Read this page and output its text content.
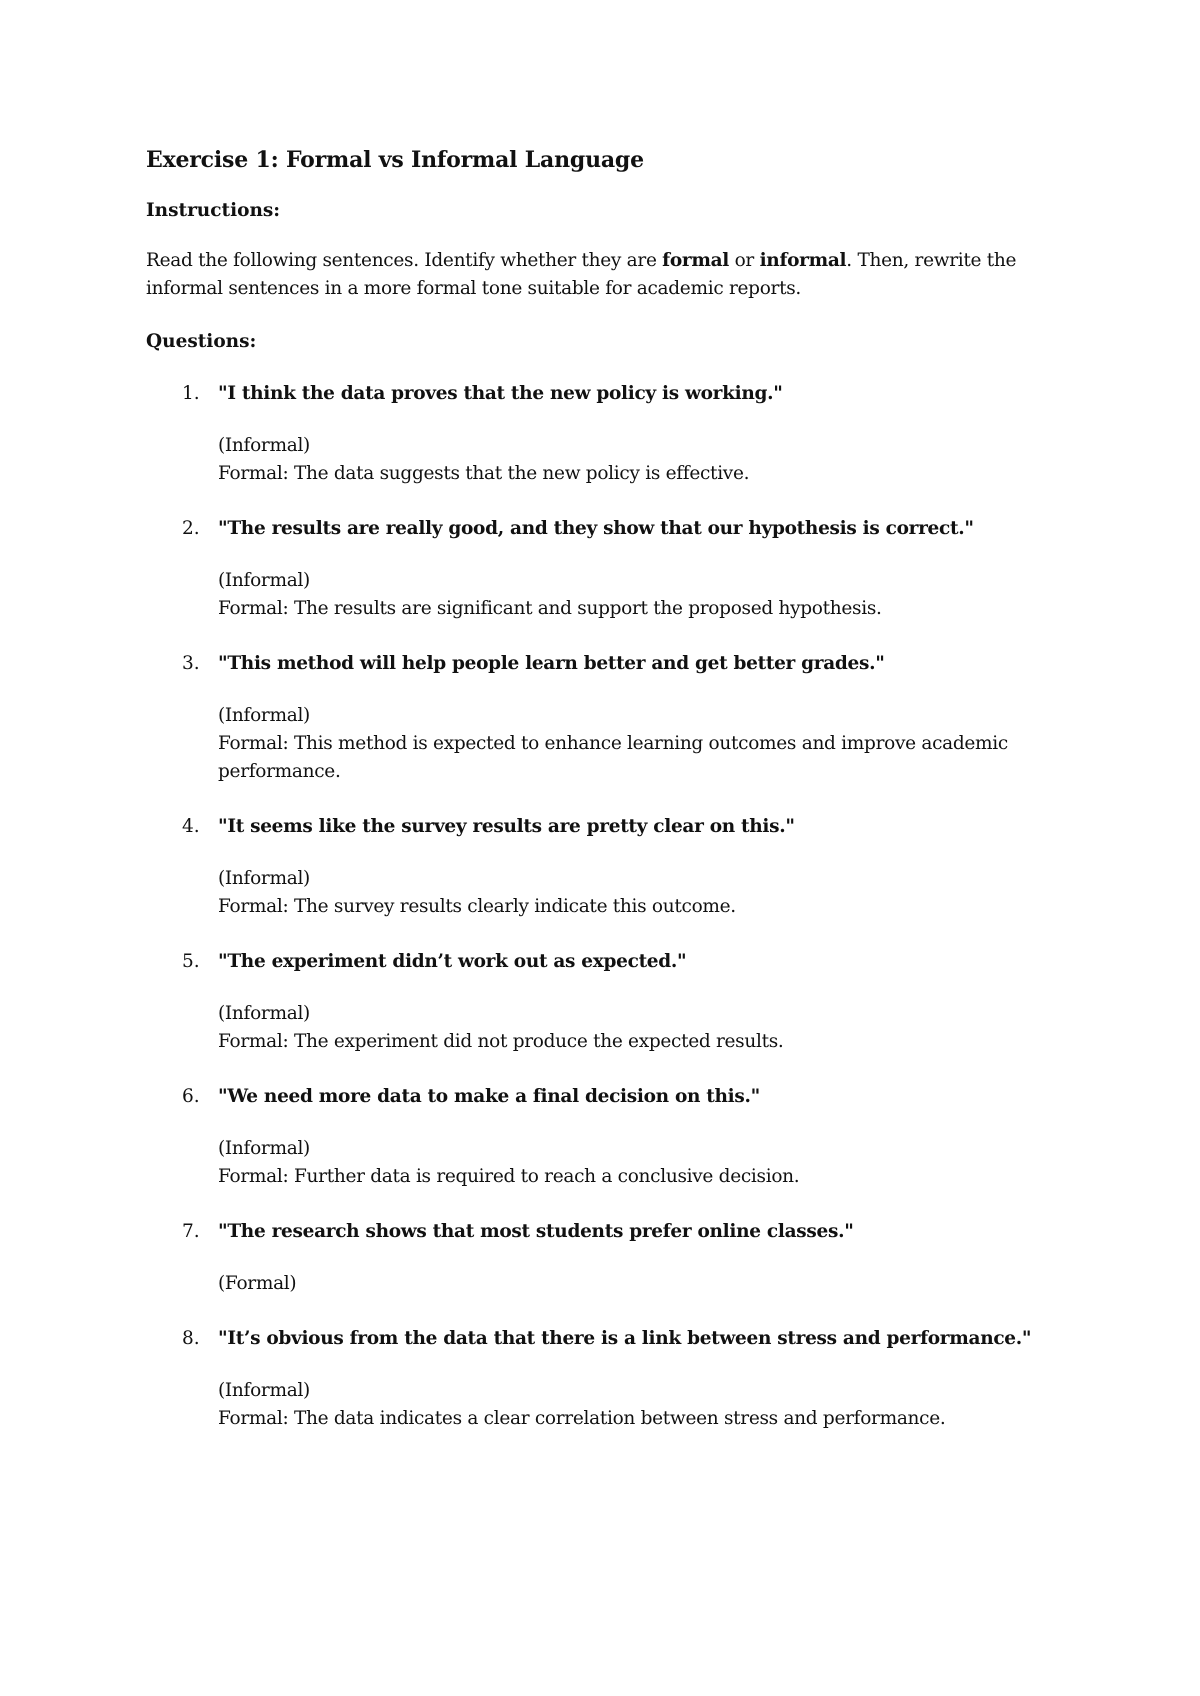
Exercise 1: Formal vs Informal Language

Instructions:

Read the following sentences. Identify whether they are formal or informal. Then, rewrite the informal sentences in a more formal tone suitable for academic reports.

Questions:

1. "I think the data proves that the new policy is working."

(Informal)

Formal: The data suggests that the new policy is effective.

2. "The results are really good, and they show that our hypothesis is correct."

(Informal)

Formal: The results are significant and support the proposed hypothesis.

3. "This method will help people learn better and get better grades."

(Informal)

Formal: This method is expected to enhance learning outcomes and improve academic performance.

4. "It seems like the survey results are pretty clear on this."

(Informal)

Formal: The survey results clearly indicate this outcome.

5. "The experiment didn’t work out as expected."

(Informal)

Formal: The experiment did not produce the expected results.

6. "We need more data to make a final decision on this."

(Informal)

Formal: Further data is required to reach a conclusive decision.

7. "The research shows that most students prefer online classes."

(Formal)

8. "It’s obvious from the data that there is a link between stress and performance."

(Informal)

Formal: The data indicates a clear correlation between stress and performance.
